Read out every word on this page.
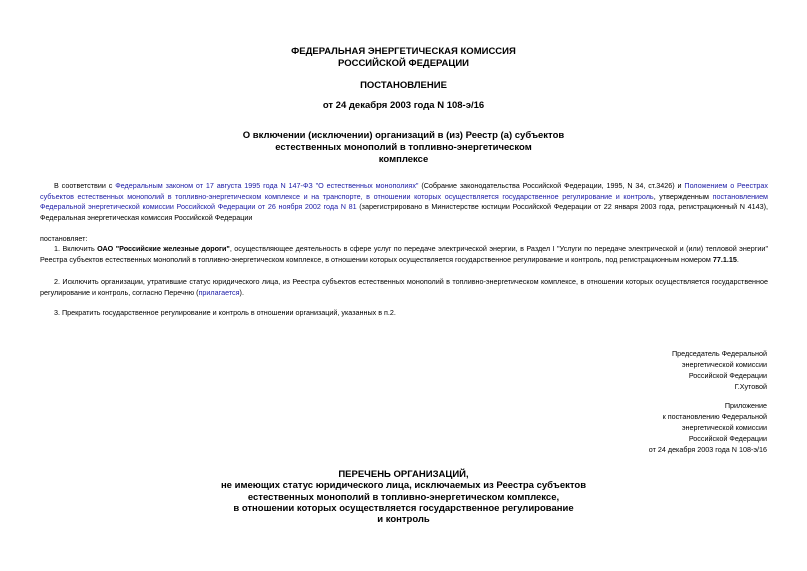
ФЕДЕРАЛЬНАЯ ЭНЕРГЕТИЧЕСКАЯ КОМИССИЯ
РОССИЙСКОЙ ФЕДЕРАЦИИ
ПОСТАНОВЛЕНИЕ
от 24 декабря 2003 года N 108-э/16
О включении (исключении) организаций в (из) Реестр (а) субъектов
естественных монополий в топливно-энергетическом
комплексе
В соответствии с Федеральным законом от 17 августа 1995 года N 147-ФЗ "О естественных монополиях" (Собрание законодательства Российской Федерации, 1995, N 34, ст.3426) и Положением о Реестрах субъектов естественных монополий в топливно-энергетическом комплексе и на транспорте, в отношении которых осуществляется государственное регулирование и контроль, утвержденным постановлением Федеральной энергетической комиссии Российской Федерации от 26 ноября 2002 года N 81 (зарегистрировано в Министерстве юстиции Российской Федерации от 22 января 2003 года, регистрационный N 4143), Федеральная энергетическая комиссия Российской Федерации
постановляет:
1. Включить ОАО "Российские железные дороги", осуществляющее деятельность в сфере услуг по передаче электрической энергии, в Раздел I "Услуги по передаче электрической и (или) тепловой энергии" Реестра субъектов естественных монополий в топливно-энергетическом комплексе, в отношении которых осуществляется государственное регулирование и контроль, под регистрационным номером 77.1.15.
2. Исключить организации, утратившие статус юридического лица, из Реестра субъектов естественных монополий в топливно-энергетическом комплексе, в отношении которых осуществляется государственное регулирование и контроль, согласно Перечню (прилагается).
3. Прекратить государственное регулирование и контроль в отношении организаций, указанных в п.2.
Председатель Федеральной
энергетической комиссии
Российской Федерации
Г.Хутовой
Приложение
к постановлению Федеральной
энергетической комиссии
Российской Федерации
от 24 декабря 2003 года N 108-э/16
ПЕРЕЧЕНЬ ОРГАНИЗАЦИЙ,
не имеющих статус юридического лица, исключаемых из Реестра субъектов
естественных монополий в топливно-энергетическом комплексе,
в отношении которых осуществляется государственное регулирование
и контроль
